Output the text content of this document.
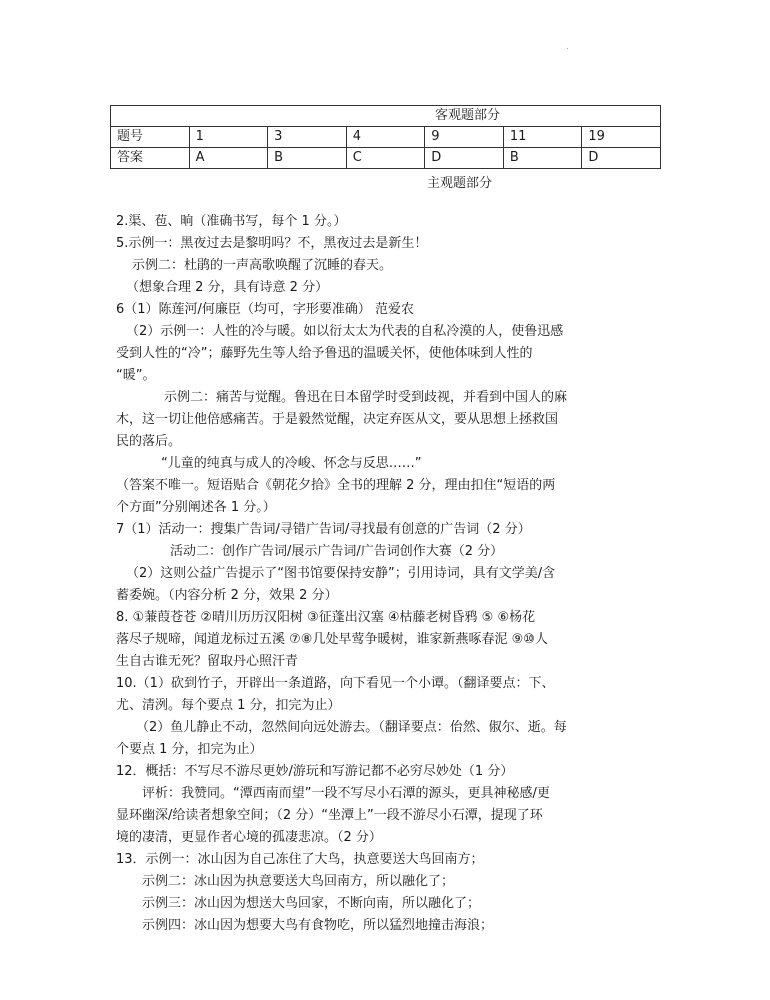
.
客观题部分						
题号	1	3	4	9	11	19
答案	A	B	C	D	B	D
主观题部分

2.渠、苞、晌（准确书写，每个 1 分。）

5.示例一：黑夜过去是黎明吗？不，黑夜过去是新生！

示例二：杜鹃的一声高歌唤醒了沉睡的春天。

（想象合理 2 分，具有诗意 2 分）

6（1）陈莲河/何廉臣（均可，字形要准确） 范爱农

（2）示例一：人性的冷与暖。如以衍太太为代表的自私冷漠的人，使鲁迅感

受到人性的“冷”；藤野先生等人给予鲁迅的温暖关怀，使他体味到人性的

“暖”。

示例二：痛苦与觉醒。鲁迅在日本留学时受到歧视，并看到中国人的麻

木，这一切让他倍感痛苦。于是毅然觉醒，决定弃医从文，要从思想上拯救国

民的落后。

“儿童的纯真与成人的冷峻、怀念与反思……”

（答案不唯一。短语贴合《朝花夕拾》全书的理解 2 分，理由扣住“短语的两

个方面”分别阐述各 1 分。）

7（1）活动一：搜集广告词/寻错广告词/寻找最有创意的广告词（2 分）

活动二：创作广告词/展示广告词/广告词创作大赛（2 分）

（2）这则公益广告提示了“图书馆要保持安静”；引用诗词，具有文学美/含

蓄委婉。（内容分析 2 分，效果 2 分）

8. ①蒹葭苍苍 ②晴川历历汉阳树 ③征蓬出汉塞 ④枯藤老树昏鸦 ⑤ ⑥杨花

落尽子规啼，闻道龙标过五溪 ⑦⑧几处早莺争暖树，谁家新燕啄春泥 ⑨⑩人

生自古谁无死？留取丹心照汗青

10.（1）砍到竹子，开辟出一条道路，向下看见一个小谭。（翻译要点：下、

尤、清洌。每个要点 1 分，扣完为止）

（2）鱼儿静止不动，忽然间向远处游去。（翻译要点：佁然、俶尔、逝。每

个要点 1 分，扣完为止）

12．概括：不写尽不游尽更妙/游玩和写游记都不必穷尽妙处（1 分）

评析：我赞同。“潭西南而望”一段不写尽小石潭的源头，更具神秘感/更

显环幽深/给读者想象空间；（2 分）“坐潭上”一段不游尽小石潭，提现了环

境的凄清，更显作者心境的孤凄悲凉。（2 分）

13．示例一：冰山因为自己冻住了大鸟，执意要送大鸟回南方；

示例二：冰山因为执意要送大鸟回南方，所以融化了；

示例三：冰山因为想送大鸟回家，不断向南，所以融化了；

示例四：冰山因为想要大鸟有食物吃，所以猛烈地撞击海浪；
